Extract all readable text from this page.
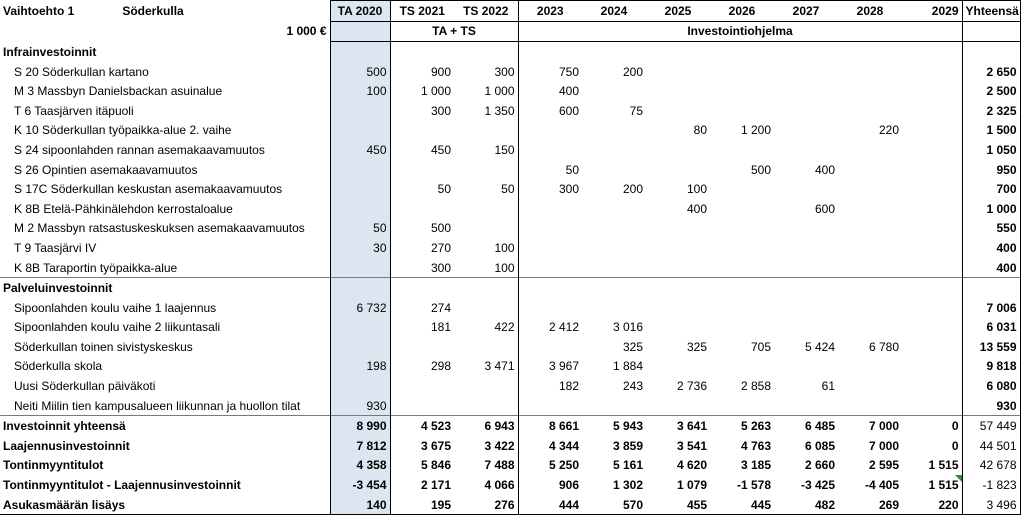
Vaihtoehto 1 Söderkulla	TA 2020	TS 2021	TS 2022	2023	2024	2025	2026	2027	2028	2029	Yhteensä
1 000 €		TA + TS		Investointiohjelma							
Infrainvestoinnit											
S 20 Söderkullan kartano	500	900	300	750	200						2 650
M 3 Massbyn Danielsbackan asuinalue	100	1 000	1 000	400							2 500
T 6 Taasjärven itäpuoli		300	1 350	600	75						2 325
K 10 Söderkullan työpaikka-alue 2. vaihe						80	1 200		220		1 500
S 24 sipoonlahden rannan asemakaavamuutos	450	450	150								1 050
S 26 Opintien asemakaavamuutos				50			500	400			950
S 17C Söderkullan keskustan asemakaavamuutos		50	50	300	200	100					700
K 8B Etelä-Pähkinälehdon kerrostaloalue						400		600			1 000
M 2 Massbyn ratsastuskeskuksen asemakaavamuutos	50	500									550
T 9 Taasjärvi IV	30	270	100								400
K 8B Taraportin työpaikka-alue		300	100								400
Palveluinvestoinnit											
Sipoonlahden koulu vaihe 1 laajennus	6 732	274									7 006
Sipoonlahden koulu vaihe 2 liikuntasali		181	422	2 412	3 016						6 031
Söderkullan toinen sivistyskeskus					325	325	705	5 424	6 780		13 559
Söderkulla skola	198	298	3 471	3 967	1 884						9 818
Uusi Söderkullan päiväkoti				182	243	2 736	2 858	61			6 080
Neiti Miilin tien kampusalueen liikunnan ja huollon tilat	930										930
Investoinnit yhteensä	8 990	4 523	6 943	8 661	5 943	3 641	5 263	6 485	7 000	0	57 449
Laajennusinvestoinnit	7 812	3 675	3 422	4 344	3 859	3 541	4 763	6 085	7 000	0	44 501
Tontinmyyntitulot	4 358	5 846	7 488	5 250	5 161	4 620	3 185	2 660	2 595	1 515	42 678
Tontinmyyntitulot - Laajennusinvestoinnit	-3 454	2 171	4 066	906	1 302	1 079	-1 578	-3 425	-4 405	1 515	-1 823
Asukasmäärän lisäys	140	195	276	444	570	455	445	482	269	220	3 496
